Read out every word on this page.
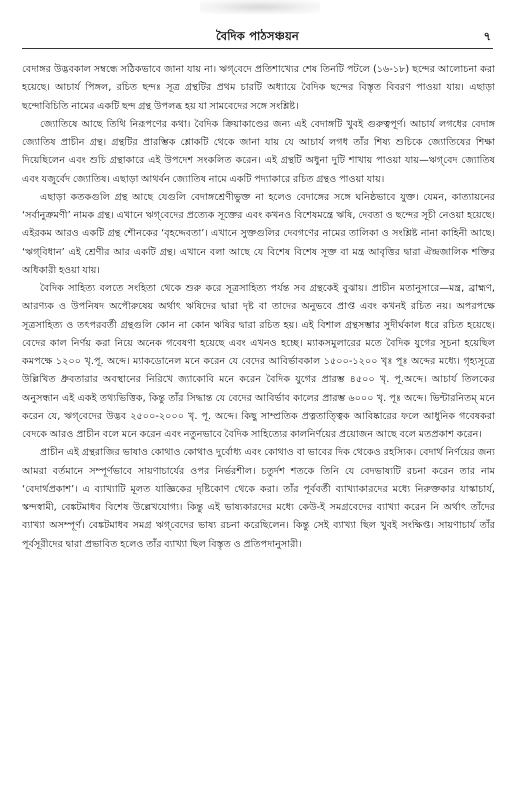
বৈদিক পাঠসঞ্চয়ন	৭

বেদাঙ্গর উদ্ভবকাল সম্বন্ধে সঠিকভাবে জানা যায় না। ঋগ্‌বেদে প্রতিশাখ্যের শেষ তিনটি পটলে (১৬-১৮) ছন্দের আলোচনা করা হয়েছে। আচার্য পিঙ্গল, রচিত ছন্দঃ সূত্র গ্রন্থটির প্রথম চারটি অধ্যায়ে বৈদিক ছন্দের বিস্তৃত বিবরণ পাওয়া যায়। এছাড়া ছন্দোবিচিতি নামের একটি ছন্দ গ্রন্থ উপলব্ধ হয় যা সামবেদের সঙ্গে সংশ্লিষ্ট।

জ্যোতিষে আছে তিথি নিরূপণের কথা। বৈদিক ক্রিয়াকাণ্ডের জন্য এই বেদাঙ্গটি খুবই গুরুত্বপূর্ণ। আচার্য লগধের বেদাঙ্গ জ্যোতিষ প্রাচীন গ্রন্থ। গ্রন্থটির প্রারম্ভিক শ্লোকটি থেকে জানা যায় যে আচার্য লগধ তাঁর শিষ্য শুচিকে জ্যোতিষের শিক্ষা দিয়েছিলেন এবং শুচি গ্রন্থাকারে এই উপদেশ সংকলিত করেন। এই গ্রন্থটি অধুনা দুটি শাখায় পাওয়া যায়—ঋগ্‌বেদ জ্যোতিষ এবং যজুর্বেদ জ্যোতিষ। এছাড়া আথর্বন জ্যোতিষ নামে একটি পদ্যাকারে রচিত গ্রন্থও পাওয়া যায়।

এছাড়া কতকগুলি গ্রন্থ আছে যেগুলি বেদাঙ্গশ্রেণীভুক্ত না হলেও বেদাঙ্গের সঙ্গে ঘনিষ্ঠভাবে যুক্ত। যেমন, কাত্যায়নের ‘সর্বানুক্রমণী’ নামক গ্রন্থ। এখানে ঋগ্‌বেদের প্রত্যেক সূক্তের এবং কখনও বিশেষমন্ত্রে ঋষি, দেবতা ও ছন্দের সূচী নেওয়া হয়েছে। এইরকম আরও একটি গ্রন্থ শৌনকের ‘বৃহদ্দেবতা’। এখানে সুক্তগুলির দেবগণের নামের তালিকা ও সংশ্লিষ্ট নানা কাহিনী আছে। ‘ঋগ্‌বিধান’ এই শ্রেণীর আর একটি গ্রন্থ। এখানে বলা আছে যে বিশেষ বিশেষ সূক্ত বা মন্ত্র আবৃত্তির দ্বারা ঐন্দ্রজালিক শক্তির অধিকারী হওয়া যায়।

বৈদিক সাহিত্য বলতে সংহিতা থেকে শুরু করে সূত্রসাহিত্য পর্যন্ত সব গ্রন্থকেই বুঝায়। প্রাচীন মতানুসারে—মন্ত্র, ব্রাহ্মণ, আরণ্যক ও উপনিষদ অপৌরুষেয় অর্থাৎ ঋষিদের দ্বারা দৃষ্ট বা তাদের অনুভবে প্রাপ্ত এবং কখনই রচিত নয়। অপরপক্ষে সূত্রসাহিত্য ও তৎপরবর্তী গ্রন্থগুলি কোন না কোন ঋষির দ্বারা রচিত হয়। এই বিশাল গ্রন্থসম্ভার সুদীর্ঘকাল ধরে রচিত হয়েছে। বেদের কাল নির্ণয় করা নিয়ে অনেক গবেষণা হয়েছে এবং এখনও হচ্ছে। ম্যাকসমুলারের মতে বৈদিক যুগের সূচনা হয়েছিল কমপক্ষে ১২০০ খৃ.পূ. অব্দে। ম্যাকডোনেল মনে করেন যে বেদের আবির্ভাবকাল ১৫০০-১২০০ খৃঃ পূঃ অব্দের মধ্যে। গৃহ্যসূত্রে উল্লিখিত ধ্রুবতারার অবস্থানের নিরিখে জ্যাকোবি মনে করেন বৈদিক যুগের প্রারম্ভ ৪৫০০ খৃ. পূ.অব্দে। আচার্য তিলকের অনুসন্ধান এই একই তথ্যভিত্তিক, কিন্তু তাঁর সিদ্ধান্ত যে বেদের আবির্ভাব কালের প্রারম্ভ ৬০০০ খৃ. পূঃ অব্দে। ভিন্টারনিতম্‌ মনে করেন যে, ঋগ্‌বেদের উদ্ভব ২৫০০-২০০০ খৃ. পূ. অব্দে। কিছু সাম্প্রতিক প্রত্নতাত্ত্বিক আবিষ্কারের ফলে আধুনিক গবেষকরা বেদকে আরও প্রাচীন বলে মনে করেন এবং নতুনভাবে বৈদিক সাহিত্যের কালনির্ণয়ের প্রয়োজন আছে বলে মতপ্রকাশ করেন।

প্রাচীন এই গ্রন্থরাজির ভাষাও কোথাও কোথাও দুর্বোধ্য এবং কোথাও বা ভাবের দিক থেকেও রহস্যিক। বেদার্থ নির্ণয়ের জন্য আমরা বর্তমানে সম্পূর্ণভাবে সায়ণাচার্যের ওপর নির্ভরশীল। চতুর্দশ শতকে তিনি যে বেদভাষ্যটি রচনা করেন তার নাম ‘বেদার্থপ্রকাশ’। এ ব্যাখ্যাটি মূলত যাজ্ঞিকের দৃষ্টিকোণ থেকে করা। তাঁর পূর্ববর্তী ব্যাখ্যাকারদের মধ্যে নিরুক্তকার যাস্কাচার্য, স্কন্দস্বামী, বেঙ্কটমাধব বিশেষ উল্লেখযোগ্য। কিন্তু এই ভাষ্যকারদের মধ্যে কেউ-ই সমগ্রবেদের ব্যাখ্যা করেন নি অর্থাৎ তাঁদের ব্যাখ্যা অসম্পূর্ণ। বেঙ্কটমাধব সমগ্র ঋগ্‌বেদের ভাষ্য রচনা করেছিলেন। কিন্তু সেই ব্যাখ্যা ছিল খুবই সংক্ষিপ্ত। সায়ণাচার্য তাঁর পূর্বসূরীদের দ্বারা প্রভাবিত হলেও তাঁর ব্যাখ্যা ছিল বিস্তৃত ও প্রতিপদানুসারী।
